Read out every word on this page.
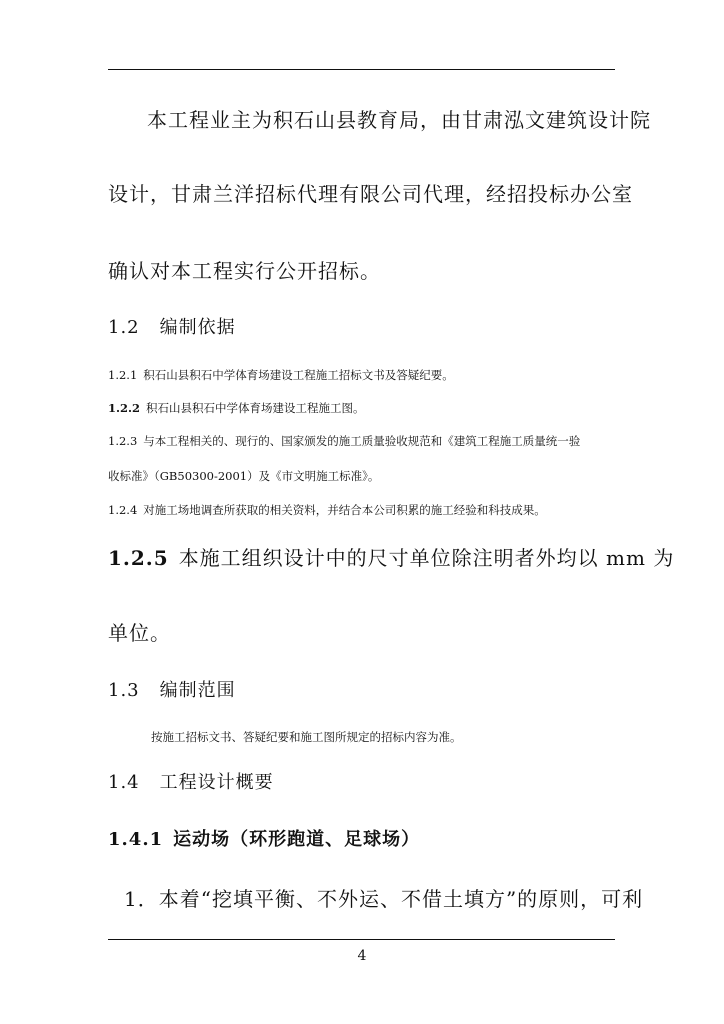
本工程业主为积石山县教育局，由甘肃泓文建筑设计院
设计，甘肃兰洋招标代理有限公司代理，经招投标办公室
确认对本工程实行公开招标。
1.2 编制依据
1.2.1 积石山县积石中学体育场建设工程施工招标文书及答疑纪要。
1.2.2 积石山县积石中学体育场建设工程施工图。
1.2.3 与本工程相关的、现行的、国家颁发的施工质量验收规范和《建筑工程施工质量统一验
收标准》（GB50300-2001）及《市文明施工标准》。
1.2.4 对施工场地调查所获取的相关资料，并结合本公司积累的施工经验和科技成果。
1.2.5 本施工组织设计中的尺寸单位除注明者外均以 mm 为
单位。
1.3 编制范围
按施工招标文书、答疑纪要和施工图所规定的招标内容为准。
1.4 工程设计概要
1.4.1 运动场（环形跑道、足球场）
1．本着“挖填平衡、不外运、不借土填方”的原则，可利
4
